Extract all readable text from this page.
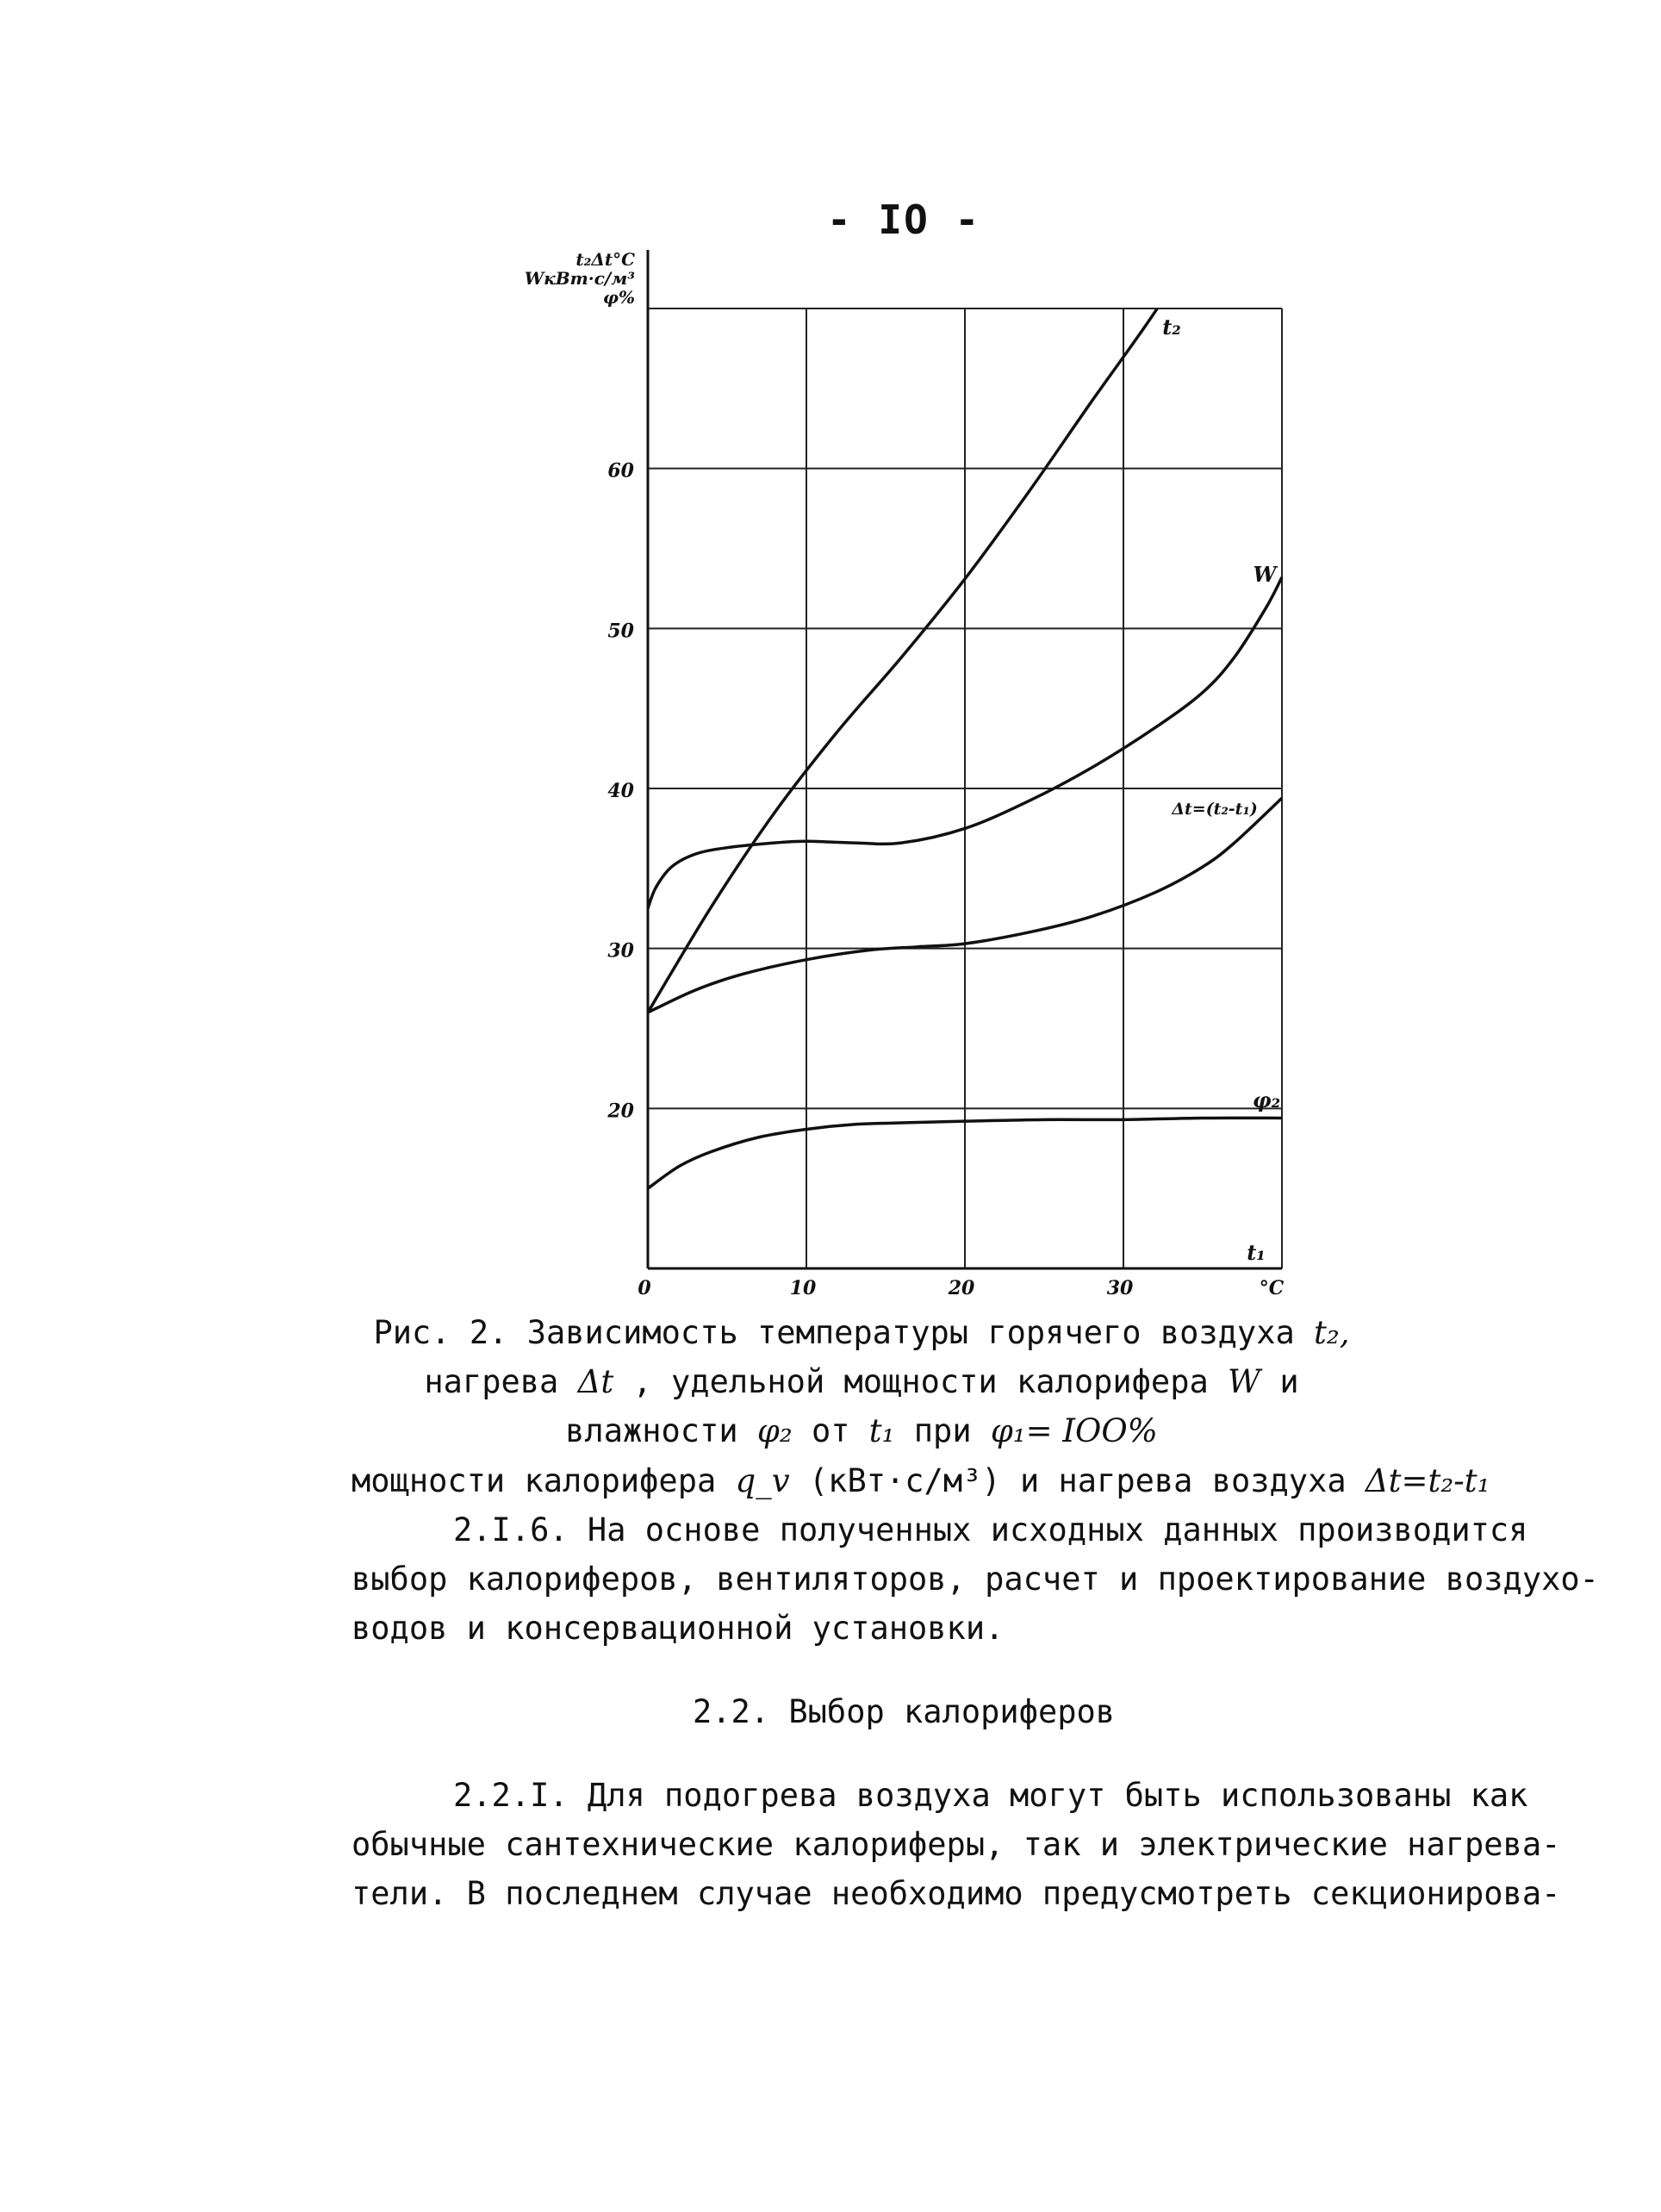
- IO -
t₂Δt°C
WкBт·с/м³
φ%
20
30
40
50
60
0	10	20	30	°C
t₁
t₂
W
Δt=(t₂-t₁)
φ₂
Рис. 2. Зависимость температуры горячего воздуха t₂,
нагрева Δt , удельной мощности калорифера W и
влажности φ₂ от t₁ при φ₁= IOO%

мощности калорифера q_v (кВт·с/м³) и нагрева воздуха Δt=t₂-t₁

2.I.6. На основе полученных исходных данных производится

выбор калориферов, вентиляторов, расчет и проектирование воздухо-

водов и консервационной установки.

2.2. Выбор калориферов

2.2.I. Для подогрева воздуха могут быть использованы как

обычные сантехнические калориферы, так и электрические нагрева-

тели. В последнем случае необходимо предусмотреть секционирова-
